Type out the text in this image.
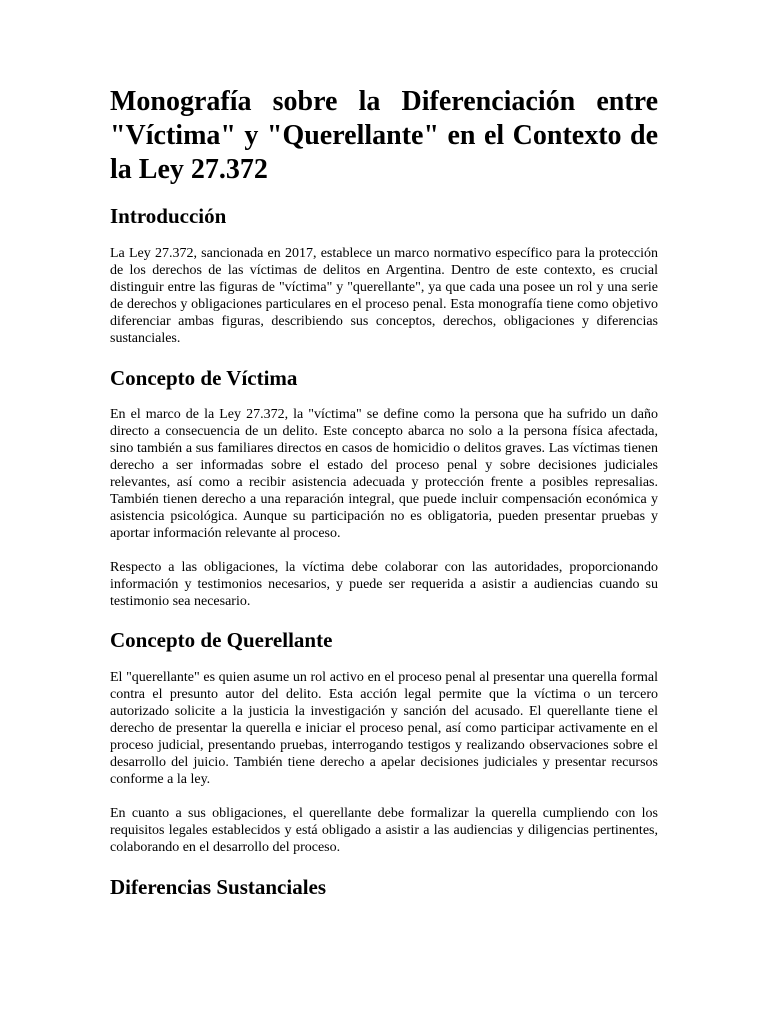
Monografía sobre la Diferenciación entre "Víctima" y "Querellante" en el Contexto de la Ley 27.372
Introducción

La Ley 27.372, sancionada en 2017, establece un marco normativo específico para la protección de los derechos de las víctimas de delitos en Argentina. Dentro de este contexto, es crucial distinguir entre las figuras de "víctima" y "querellante", ya que cada una posee un rol y una serie de derechos y obligaciones particulares en el proceso penal. Esta monografía tiene como objetivo diferenciar ambas figuras, describiendo sus conceptos, derechos, obligaciones y diferencias sustanciales.

Concepto de Víctima

En el marco de la Ley 27.372, la "víctima" se define como la persona que ha sufrido un daño directo a consecuencia de un delito. Este concepto abarca no solo a la persona física afectada, sino también a sus familiares directos en casos de homicidio o delitos graves. Las víctimas tienen derecho a ser informadas sobre el estado del proceso penal y sobre decisiones judiciales relevantes, así como a recibir asistencia adecuada y protección frente a posibles represalias. También tienen derecho a una reparación integral, que puede incluir compensación económica y asistencia psicológica. Aunque su participación no es obligatoria, pueden presentar pruebas y aportar información relevante al proceso.

Respecto a las obligaciones, la víctima debe colaborar con las autoridades, proporcionando información y testimonios necesarios, y puede ser requerida a asistir a audiencias cuando su testimonio sea necesario.

Concepto de Querellante

El "querellante" es quien asume un rol activo en el proceso penal al presentar una querella formal contra el presunto autor del delito. Esta acción legal permite que la víctima o un tercero autorizado solicite a la justicia la investigación y sanción del acusado. El querellante tiene el derecho de presentar la querella e iniciar el proceso penal, así como participar activamente en el proceso judicial, presentando pruebas, interrogando testigos y realizando observaciones sobre el desarrollo del juicio. También tiene derecho a apelar decisiones judiciales y presentar recursos conforme a la ley.

En cuanto a sus obligaciones, el querellante debe formalizar la querella cumpliendo con los requisitos legales establecidos y está obligado a asistir a las audiencias y diligencias pertinentes, colaborando en el desarrollo del proceso.

Diferencias Sustanciales
